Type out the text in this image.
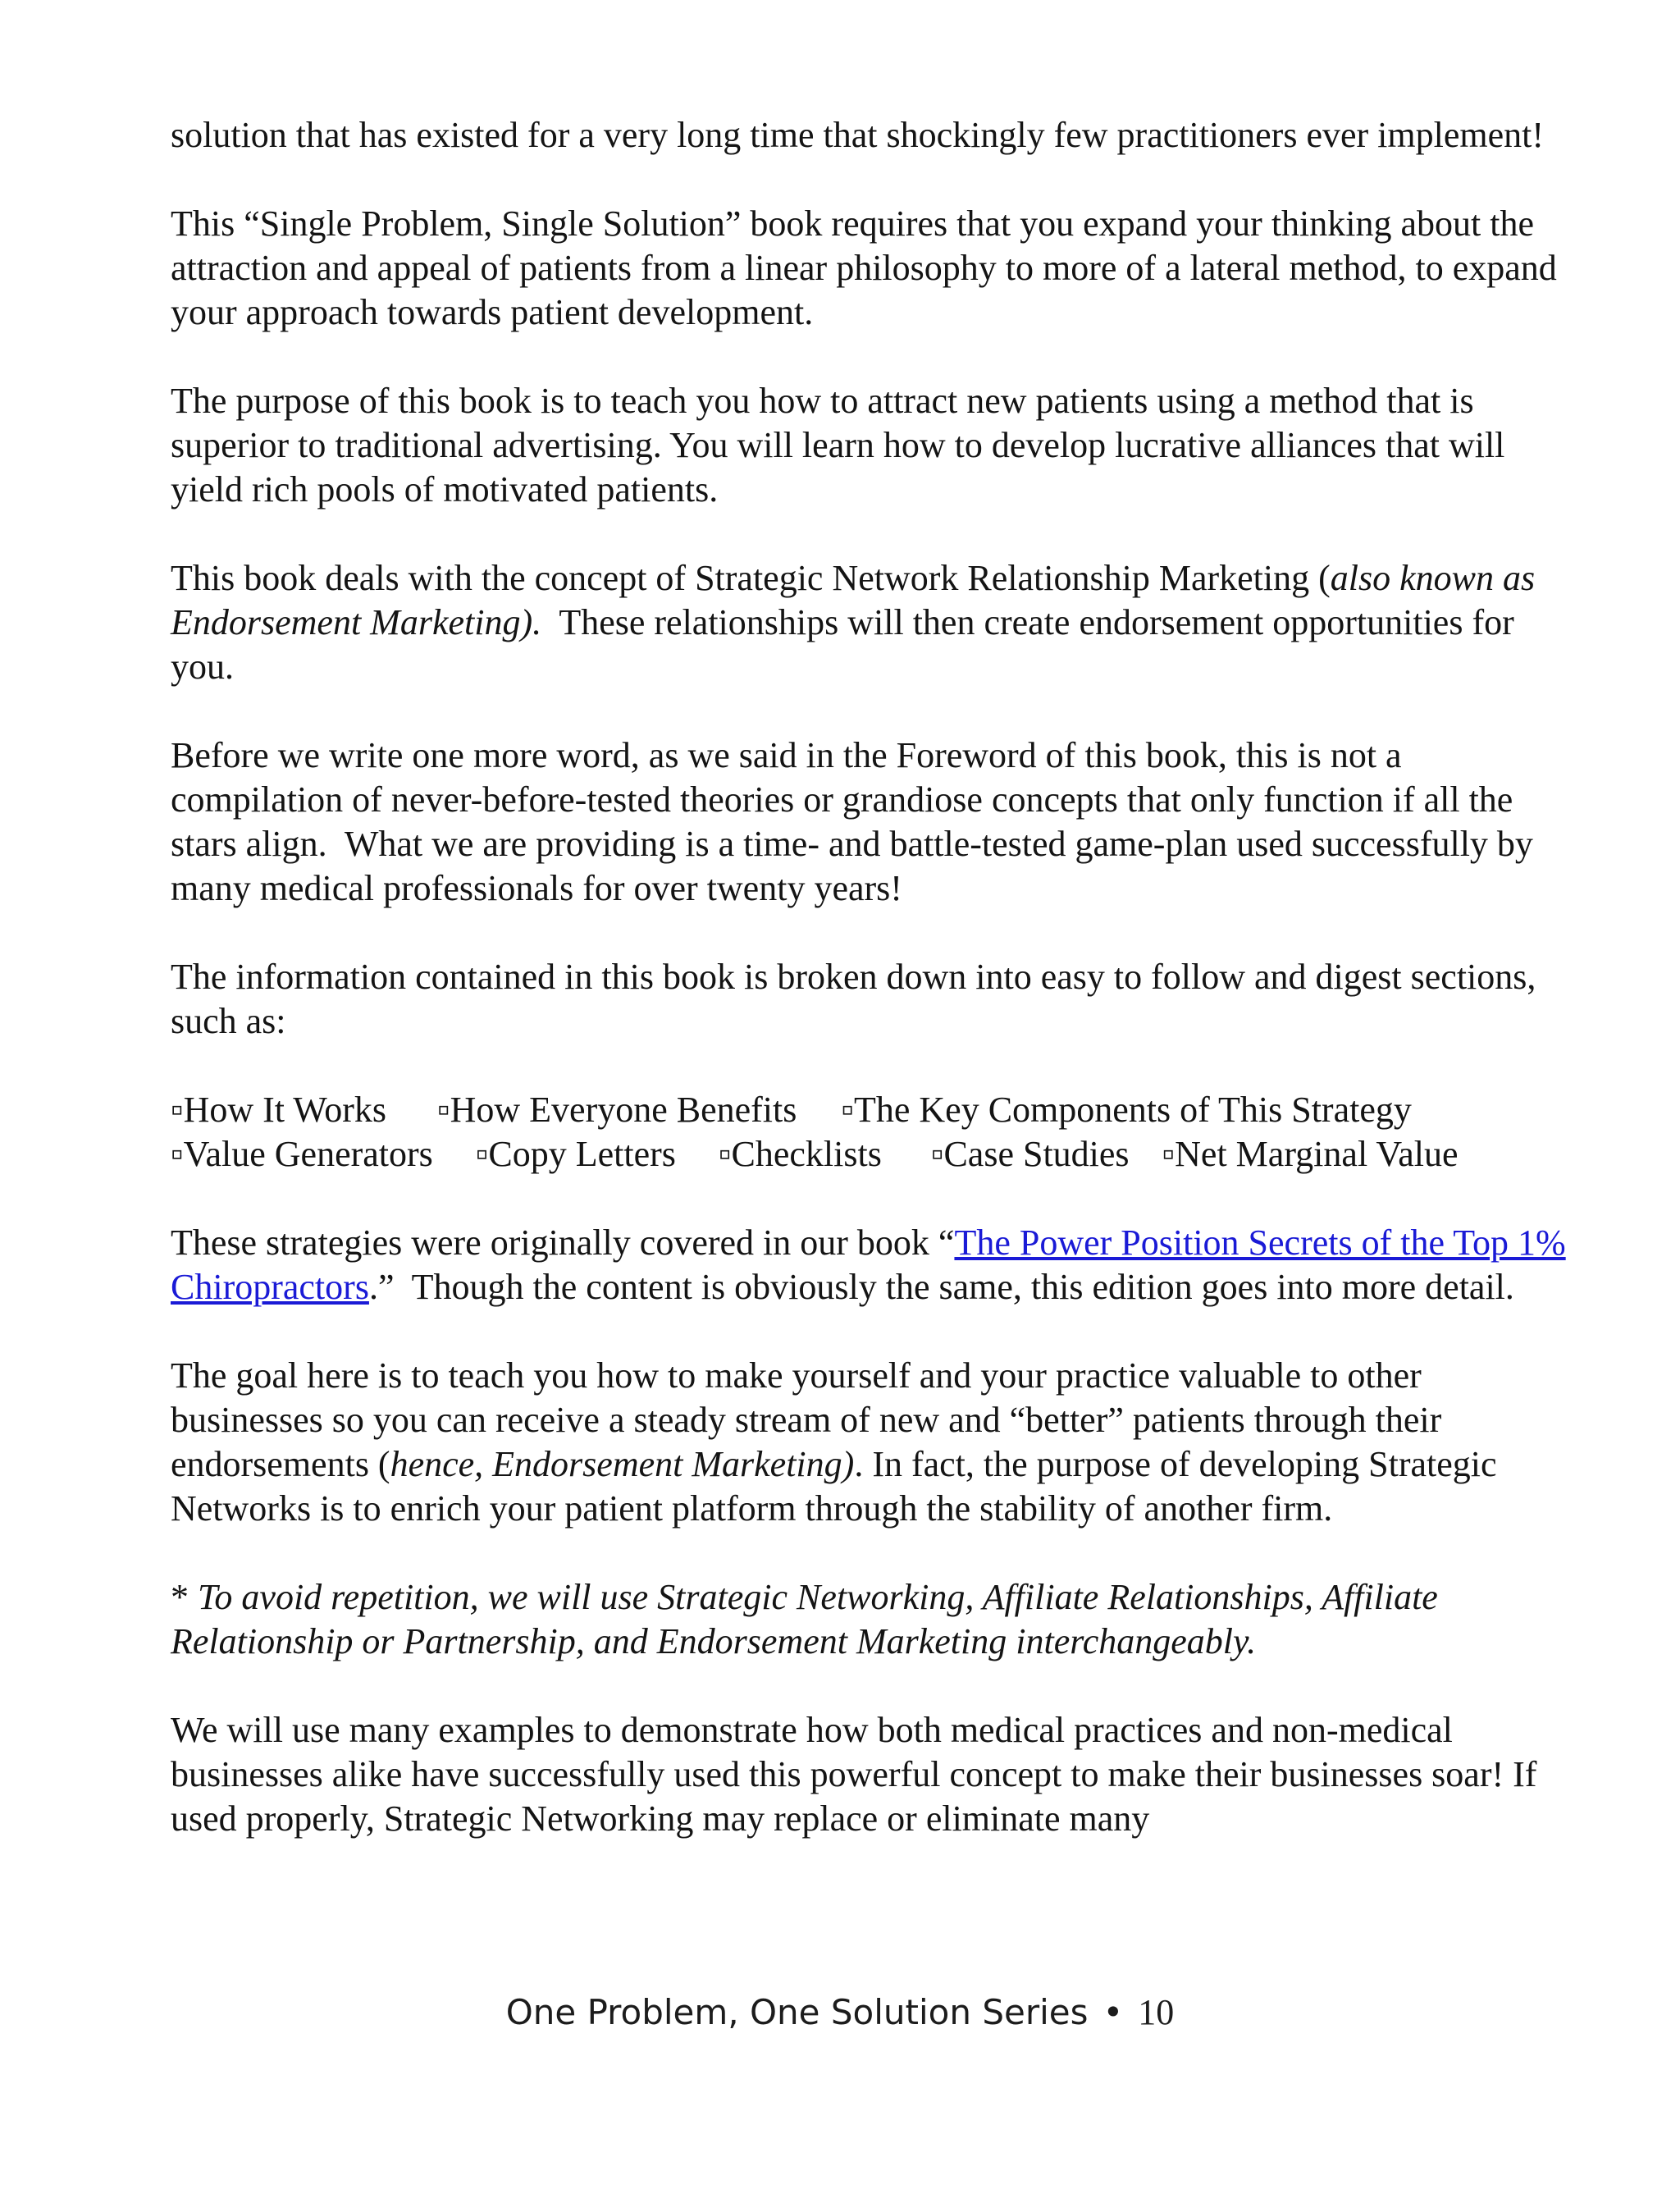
solution that has existed for a very long time that shockingly few practitioners ever implement!

This “Single Problem, Single Solution” book requires that you expand your thinking about the attraction and appeal of patients from a linear philosophy to more of a lateral method, to expand your approach towards patient development.

The purpose of this book is to teach you how to attract new patients using a method that is superior to traditional advertising. You will learn how to develop lucrative alliances that will yield rich pools of motivated patients.

This book deals with the concept of Strategic Network Relationship Marketing (also known as Endorsement Marketing).  These relationships will then create endorsement opportunities for you.

Before we write one more word, as we said in the Foreword of this book, this is not a compilation of never-before-tested theories or grandiose concepts that only function if all the stars align.  What we are providing is a time- and battle-tested game-plan used successfully by many medical professionals for over twenty years!

The information contained in this book is broken down into easy to follow and digest sections, such as:

▫How It Works ▫How Everyone Benefits ▫The Key Components of This Strategy
▫Value Generators ▫Copy Letters ▫Checklists ▫Case Studies ▫Net Marginal Value

These strategies were originally covered in our book “The Power Position Secrets of the Top 1% Chiropractors.”  Though the content is obviously the same, this edition goes into more detail.

The goal here is to teach you how to make yourself and your practice valuable to other businesses so you can receive a steady stream of new and “better” patients through their endorsements (hence, Endorsement Marketing). In fact, the purpose of developing Strategic Networks is to enrich your patient platform through the stability of another firm.

* To avoid repetition, we will use Strategic Networking, Affiliate Relationships, Affiliate Relationship or Partnership, and Endorsement Marketing interchangeably.

We will use many examples to demonstrate how both medical practices and non-medical businesses alike have successfully used this powerful concept to make their businesses soar! If used properly, Strategic Networking may replace or eliminate many

One Problem, One Solution Series • 10
